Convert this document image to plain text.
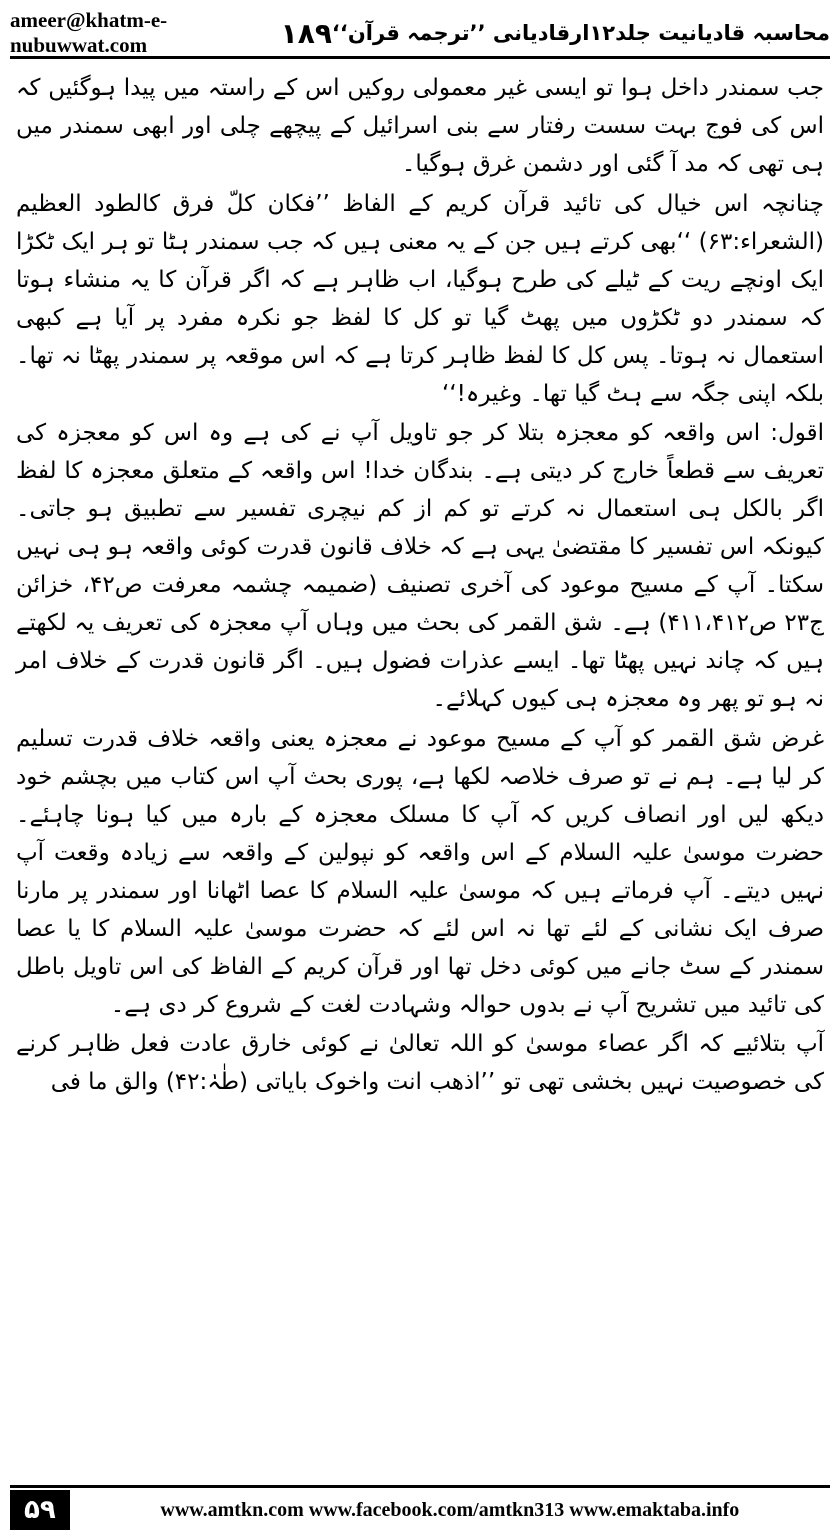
ameer@khatm-e-nubuwwat.com	۱۸۹ محاسبہ قادیانیت جلد۱۲ارقادیانی ’’ترجمہ قرآن‘‘

جب سمندر داخل ہوا تو ایسی غیر معمولی روکیں اس کے راستہ میں پیدا ہوگئیں کہ اس کی فوج بہت سست رفتار سے بنی اسرائیل کے پیچھے چلی اور ابھی سمندر میں ہی تھی کہ مد آ گئی اور دشمن غرق ہوگیا۔

چنانچہ اس خیال کی تائید قرآن کریم کے الفاظ ’’فکان کلّ فرق کالطود العظیم (الشعراء:۶۳) ‘‘بھی کرتے ہیں جن کے یہ معنی ہیں کہ جب سمندر ہٹا تو ہر ایک ٹکڑا ایک اونچے ریت کے ٹیلے کی طرح ہوگیا، اب ظاہر ہے کہ اگر قرآن کا یہ منشاء ہوتا کہ سمندر دو ٹکڑوں میں پھٹ گیا تو کل کا لفظ جو نکرہ مفرد پر آیا ہے کبھی استعمال نہ ہوتا۔ پس کل کا لفظ ظاہر کرتا ہے کہ اس موقعہ پر سمندر پھٹا نہ تھا۔ بلکہ اپنی جگہ سے ہٹ گیا تھا۔ وغیرہ!‘‘

اقول: اس واقعہ کو معجزہ بتلا کر جو تاویل آپ نے کی ہے وہ اس کو معجزہ کی تعریف سے قطعاً خارج کر دیتی ہے۔ بندگان خدا! اس واقعہ کے متعلق معجزہ کا لفظ اگر بالکل ہی استعمال نہ کرتے تو کم از کم نیچری تفسیر سے تطبیق ہو جاتی۔ کیونکہ اس تفسیر کا مقتضیٰ یہی ہے کہ خلاف قانون قدرت کوئی واقعہ ہو ہی نہیں سکتا۔ آپ کے مسیح موعود کی آخری تصنیف (ضمیمہ چشمہ معرفت ص۴۲، خزائن ج۲۳ ص۴۱۱،۴۱۲) ہے۔ شق القمر کی بحث میں وہاں آپ معجزہ کی تعریف یہ لکھتے ہیں کہ چاند نہیں پھٹا تھا۔ ایسے عذرات فضول ہیں۔ اگر قانون قدرت کے خلاف امر نہ ہو تو پھر وہ معجزہ ہی کیوں کہلائے۔

غرض شق القمر کو آپ کے مسیح موعود نے معجزہ یعنی واقعہ خلاف قدرت تسلیم کر لیا ہے۔ ہم نے تو صرف خلاصہ لکھا ہے، پوری بحث آپ اس کتاب میں بچشم خود دیکھ لیں اور انصاف کریں کہ آپ کا مسلک معجزہ کے بارہ میں کیا ہونا چاہئے۔ حضرت موسیٰ علیہ السلام کے اس واقعہ کو نپولین کے واقعہ سے زیادہ وقعت آپ نہیں دیتے۔ آپ فرماتے ہیں کہ موسیٰ علیہ السلام کا عصا اٹھانا اور سمندر پر مارنا صرف ایک نشانی کے لئے تھا نہ اس لئے کہ حضرت موسیٰ علیہ السلام کا یا عصا سمندر کے سٹ جانے میں کوئی دخل تھا اور قرآن کریم کے الفاظ کی اس تاویل باطل کی تائید میں تشریح آپ نے بدوں حوالہ وشہادت لغت کے شروع کر دی ہے۔

آپ بتلائیے کہ اگر عصاء موسیٰ کو اللہ تعالیٰ نے کوئی خارق عادت فعل ظاہر کرنے کی خصوصیت نہیں بخشی تھی تو ’’اذھب انت واخوک بایاتی (طٰہٰ:۴۲) والق ما فی

۵۹	www.amtkn.com www.facebook.com/amtkn313 www.emaktaba.info
